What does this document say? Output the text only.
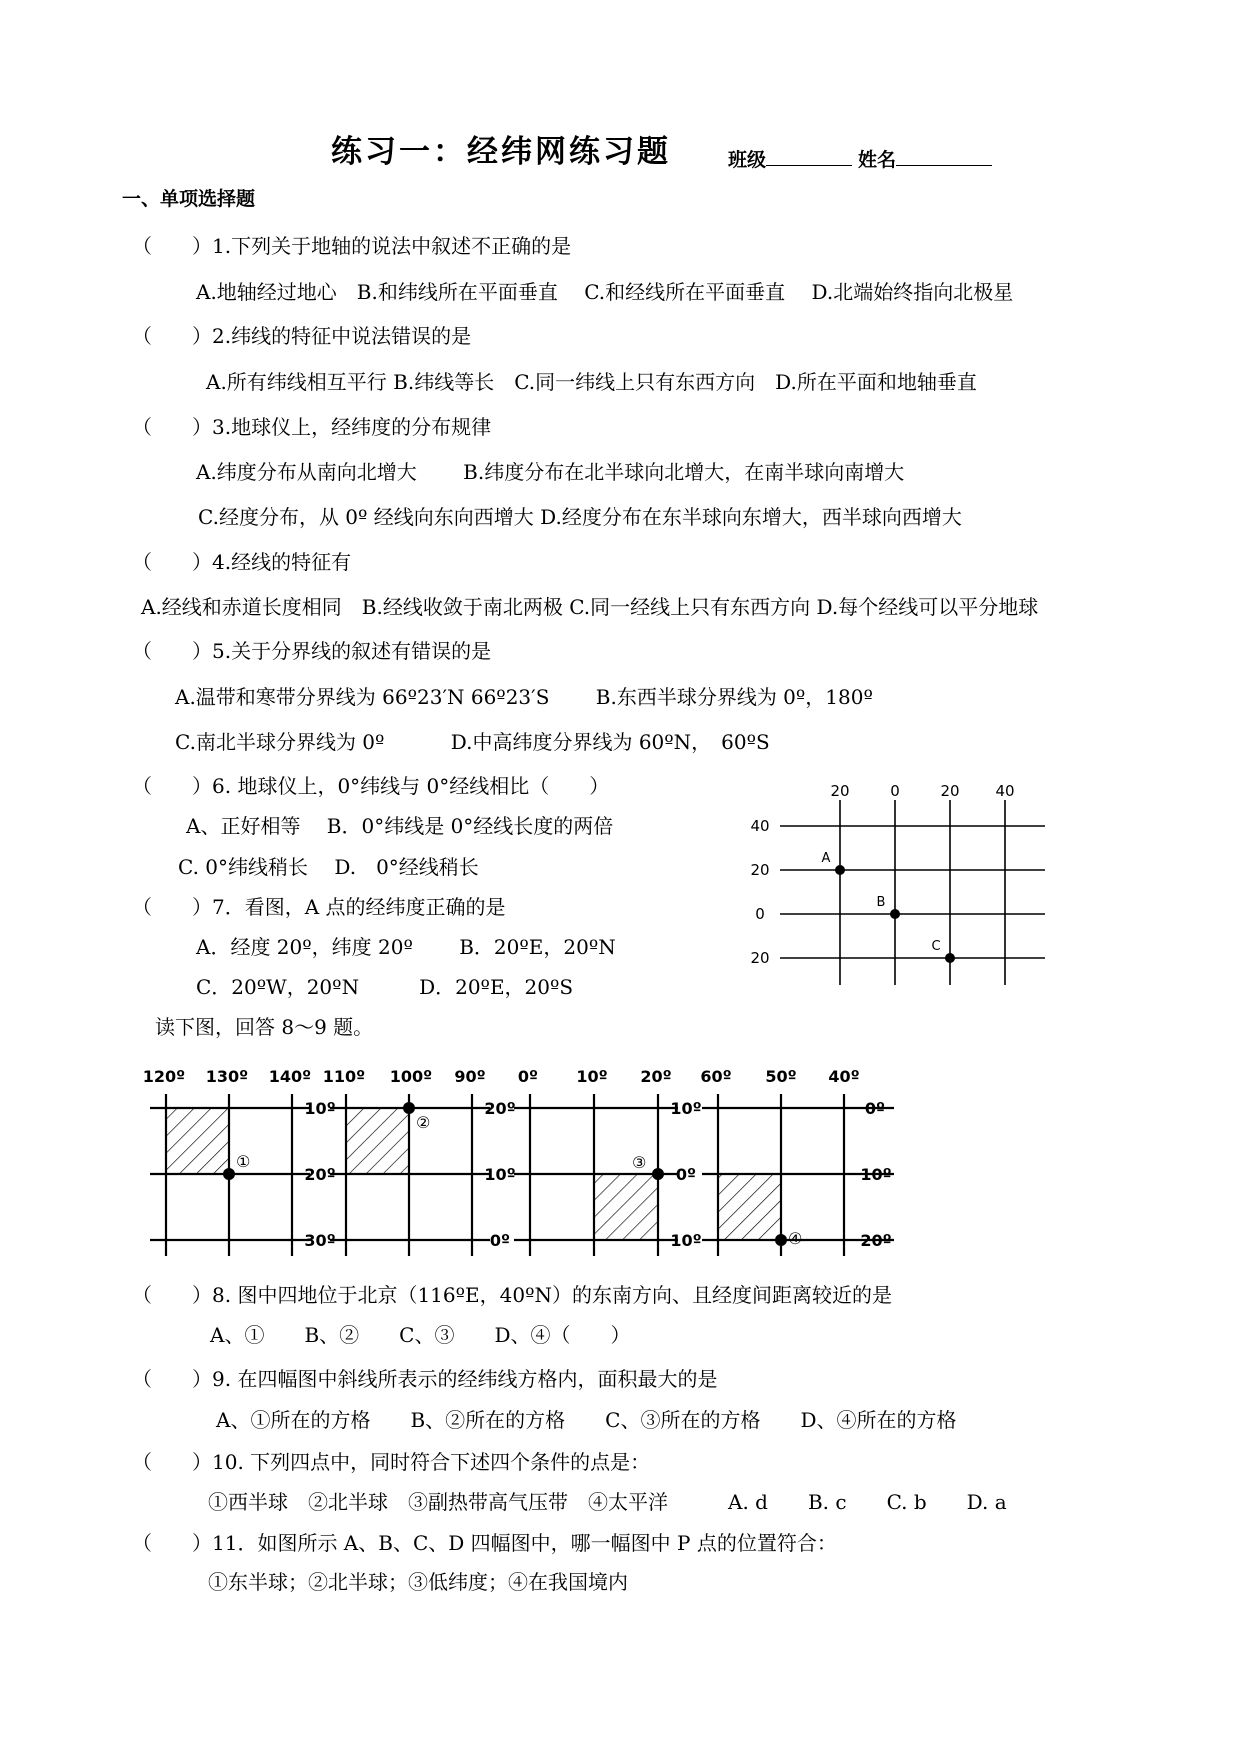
练习一：经纬网练习题	班级	姓名
一、单项选择题
（　　）1.下列关于地轴的说法中叙述不正确的是
A.地轴经过地心　B.和纬线所在平面垂直　 C.和经线所在平面垂直　 D.北端始终指向北极星
（　　）2.纬线的特征中说法错误的是
A.所有纬线相互平行 B.纬线等长　C.同一纬线上只有东西方向　D.所在平面和地轴垂直
（　　）3.地球仪上，经纬度的分布规律
A.纬度分布从南向北增大　　 B.纬度分布在北半球向北增大，在南半球向南增大
C.经度分布，从 0º 经线向东向西增大 D.经度分布在东半球向东增大，西半球向西增大
（　　）4.经线的特征有
A.经线和赤道长度相同　B.经线收敛于南北两极 C.同一经线上只有东西方向 D.每个经线可以平分地球
（　　）5.关于分界线的叙述有错误的是
A.温带和寒带分界线为 66º23′N 66º23′S　　 B.东西半球分界线为 0º，180º
C.南北半球分界线为 0º　　　 D.中高纬度分界线为 60ºN，　60ºS
（　　）6. 地球仪上，0°纬线与 0°经线相比（　　）
A、正好相等　 B．0°纬线是 0°经线长度的两倍
C. 0°纬线稍长　 D.　0°经线稍长
（　　）7．看图，A 点的经纬度正确的是
A．经度 20º，纬度 20º　　 B．20ºE，20ºN
C．20ºW，20ºN　　　D．20ºE，20ºS
读下图，回答 8～9 题。
20	0	20 40
40
20
0
20
A
B
C
120º 130º 140º
10º
20º
30º
①
110º 100º 90º
20º
10º
0º
②
0º 10º 20º
10º
0º
10º
③
60º 50º 40º
0º
10º
20º
④
（　　）8. 图中四地位于北京（116ºE，40ºN）的东南方向、且经度间距离较近的是
A、①　　B、②　　C、③　　D、④（　　）
（　　）9. 在四幅图中斜线所表示的经纬线方格内，面积最大的是
A、①所在的方格　　B、②所在的方格　　C、③所在的方格　　D、④所在的方格
（　　）10. 下列四点中，同时符合下述四个条件的点是：
①西半球　②北半球　③副热带高气压带　④太平洋　　　A. d　　B. c　　C. b　　D. a
（　　）11．如图所示 A、B、C、D 四幅图中，哪一幅图中 P 点的位置符合：
①东半球；②北半球；③低纬度；④在我国境内
